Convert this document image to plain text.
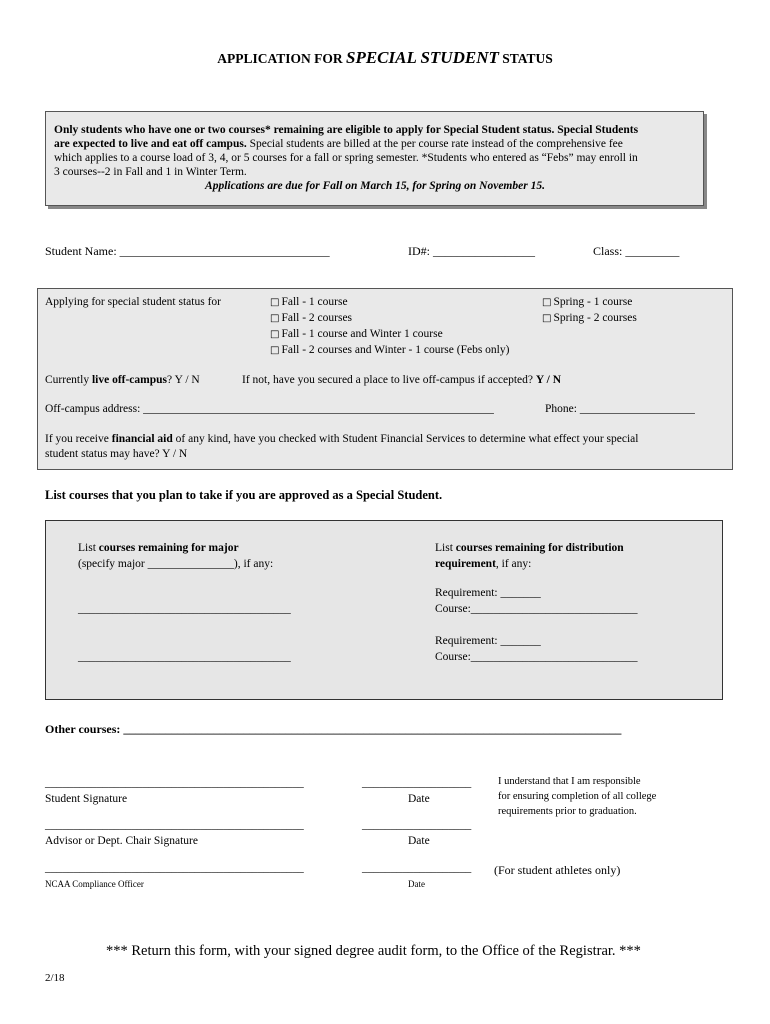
APPLICATION FOR SPECIAL STUDENT STATUS
Only students who have one or two courses* remaining are eligible to apply for Special Student status. Special Students
are expected to live and eat off campus. Special students are billed at the per course rate instead of the comprehensive fee
which applies to a course load of 3, 4, or 5 courses for a fall or spring semester. *Students who entered as “Febs” may enroll in
3 courses--2 in Fall and 1 in Winter Term.
Applications are due for Fall on March 15, for Spring on November 15.
Student Name: ___________________________________	ID#: _________________	Class: _________
Applying for special student status for	□ Fall - 1 course
□ Fall - 2 courses
□ Fall - 1 course and Winter 1 course
□ Fall - 2 courses and Winter - 1 course (Febs only)
□ Spring - 1 course
□ Spring - 2 courses
Currently live off-campus? Y / N	If not, have you secured a place to live off-campus if accepted? Y / N
Off-campus address: _____________________________________________________________	Phone: ____________________
If you receive financial aid of any kind, have you checked with Student Financial Services to determine what effect your special
student status may have? Y / N
List courses that you plan to take if you are approved as a Special Student.
List courses remaining for major
(specify major _______________), if any:
_____________________________________
_____________________________________
List courses remaining for distribution
requirement, if any:
Requirement: _______
Course:_____________________________
Requirement: _______
Course:_____________________________
Other courses: ___________________________________________________________________________________
_____________________________________________
Student Signature
___________________
Date
I understand that I am responsible
for ensuring completion of all college
requirements prior to graduation.
_____________________________________________
Advisor or Dept. Chair Signature
___________________
Date
_____________________________________________
NCAA Compliance Officer
___________________
Date
(For student athletes only)
*** Return this form, with your signed degree audit form, to the Office of the Registrar. ***
2/18
